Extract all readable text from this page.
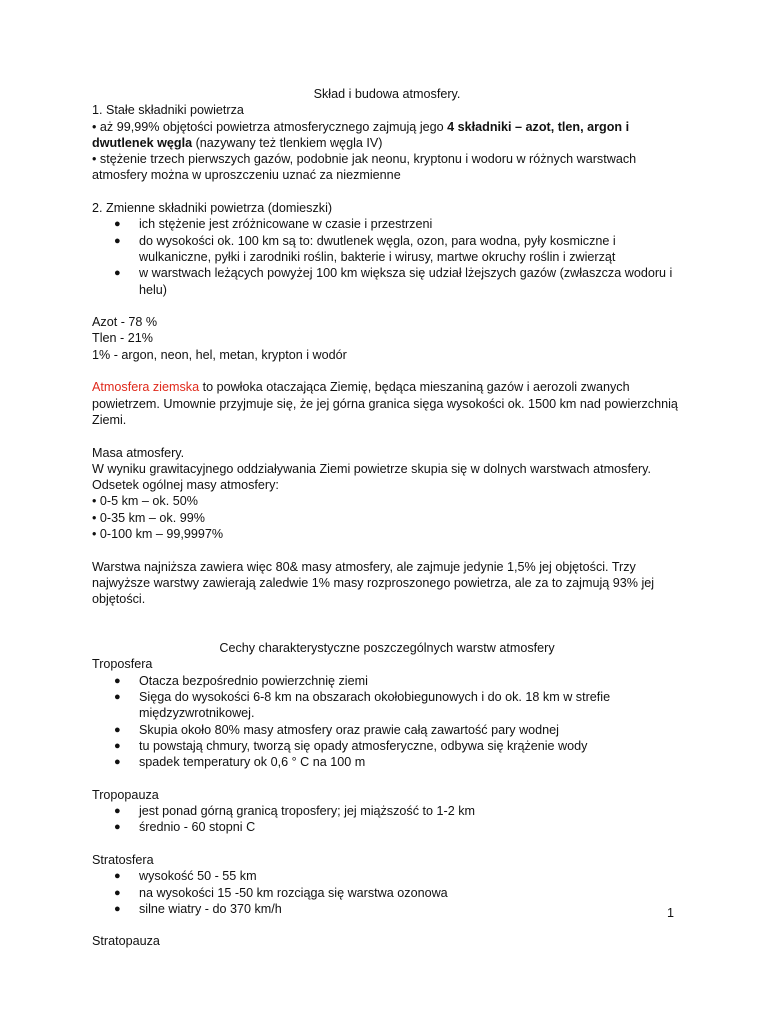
Skład i budowa atmosfery.

1. Stałe składniki powietrza

• aż 99,99% objętości powietrza atmosferycznego zajmują jego 4 składniki – azot, tlen, argon i dwutlenek węgla (nazywany też tlenkiem węgla IV)

• stężenie trzech pierwszych gazów, podobnie jak neonu, kryptonu i wodoru w różnych warstwach atmosfery można w uproszczeniu uznać za niezmienne

2. Zmienne składniki powietrza (domieszki)

● ich stężenie jest zróżnicowane w czasie i przestrzeni
● do wysokości ok. 100 km są to: dwutlenek węgla, ozon, para wodna, pyły kosmiczne i wulkaniczne, pyłki i zarodniki roślin, bakterie i wirusy, martwe okruchy roślin i zwierząt
● w warstwach leżących powyżej 100 km większa się udział lżejszych gazów (zwłaszcza wodoru i helu)

Azot - 78 %

Tlen - 21%

1% - argon, neon, hel, metan, krypton i wodór

Atmosfera ziemska to powłoka otaczająca Ziemię, będąca mieszaniną gazów i aerozoli zwanych powietrzem. Umownie przyjmuje się, że jej górna granica sięga wysokości ok. 1500 km nad powierzchnią Ziemi.

Masa atmosfery.

W wyniku grawitacyjnego oddziaływania Ziemi powietrze skupia się w dolnych warstwach atmosfery. Odsetek ogólnej masy atmosfery:

• 0-5 km – ok. 50%

• 0-35 km – ok. 99%

• 0-100 km – 99,9997%

Warstwa najniższa zawiera więc 80& masy atmosfery, ale zajmuje jedynie 1,5% jej objętości. Trzy najwyższe warstwy zawierają zaledwie 1% masy rozproszonego powietrza, ale za to zajmują 93% jej objętości.

Cechy charakterystyczne poszczególnych warstw atmosfery

Troposfera

● Otacza bezpośrednio powierzchnię ziemi
● Sięga do wysokości 6-8 km na obszarach okołobiegunowych i do ok. 18 km w strefie międzyzwrotnikowej.
● Skupia około 80% masy atmosfery oraz prawie całą zawartość pary wodnej
● tu powstają chmury, tworzą się opady atmosferyczne, odbywa się krążenie wody
● spadek temperatury ok 0,6 ° C na 100 m

Tropopauza

● jest ponad górną granicą troposfery; jej miąższość to 1-2 km
● średnio - 60 stopni C

Stratosfera

● wysokość 50 - 55 km
● na wysokości 15 -50 km rozciąga się warstwa ozonowa
● silne wiatry - do 370 km/h

Stratopauza

1
